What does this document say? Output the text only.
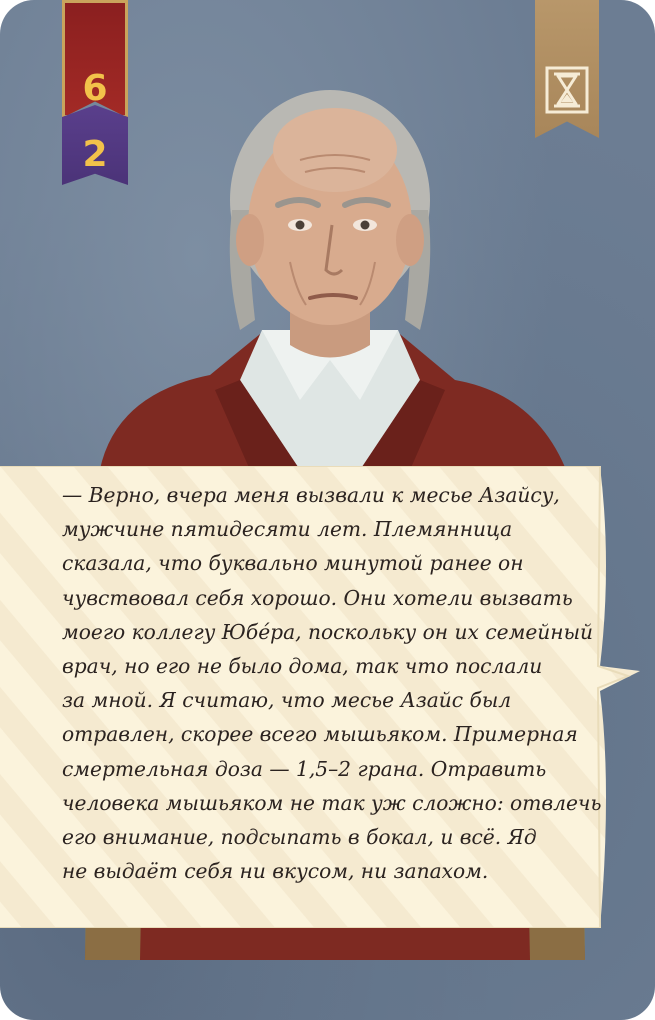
6
2
— Верно, вчера меня вызвали к месье Азайсу,
мужчине пятидесяти лет. Племянница
сказала, что буквально минутой ранее он
чувствовал себя хорошо. Они хотели вызвать
моего коллегу Юбéра, поскольку он их семейный
врач, но его не было дома, так что послали
за мной. Я считаю, что месье Азайс был
отравлен, скорее всего мышьяком. Примерная
смертельная доза — 1,5–2 грана. Отравить
человека мышьяком не так уж сложно: отвлечь
его внимание, подсыпать в бокал, и всё. Яд
не выдаёт себя ни вкусом, ни запахом.
